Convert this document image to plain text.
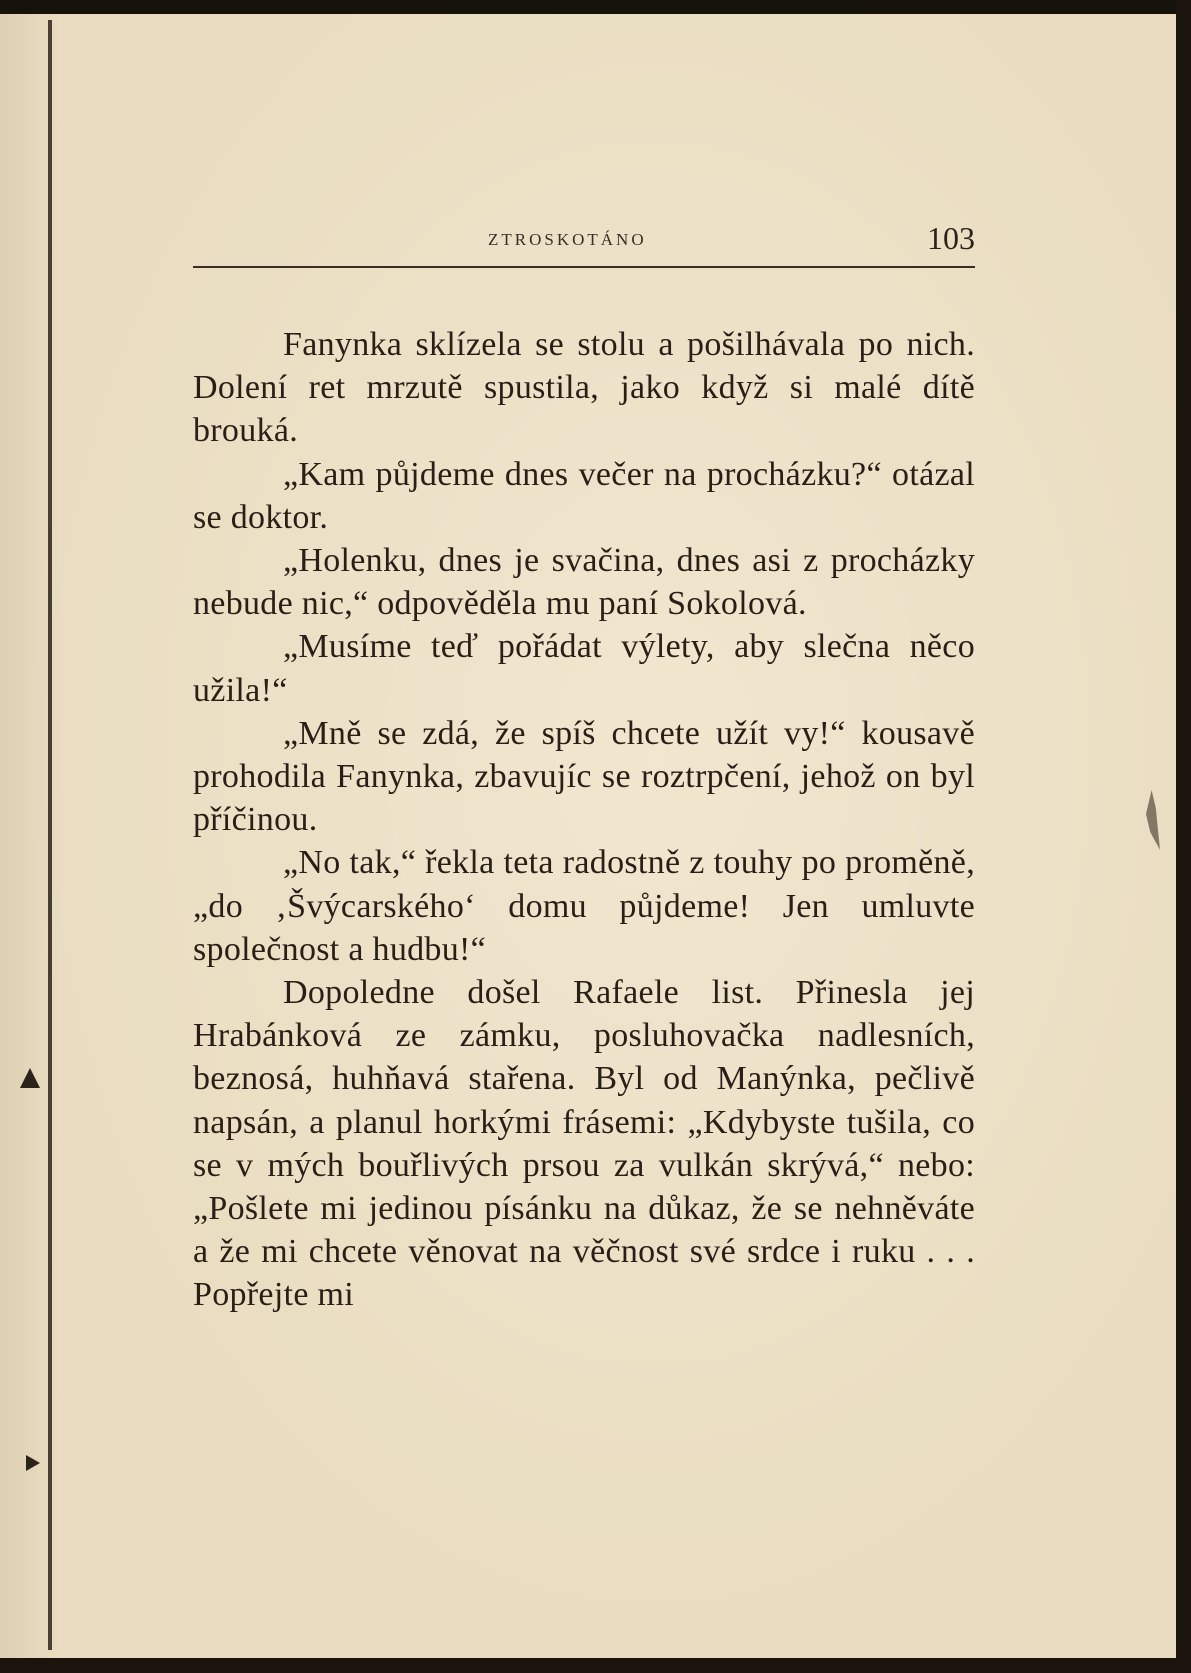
ZTROSKOTÁNO	103

Fanynka sklízela se stolu a pošilhávala po nich. Dolení ret mrzutě spustila, jako když si malé dítě brouká.

„Kam půjdeme dnes večer na procházku?“ otázal se doktor.

„Holenku, dnes je svačina, dnes asi z procházky nebude nic,“ odpověděla mu paní Sokolová.

„Musíme teď pořádat výlety, aby slečna něco užila!“

„Mně se zdá, že spíš chcete užít vy!“ kousavě prohodila Fanynka, zbavujíc se roztrpčení, jehož on byl příčinou.

„No tak,“ řekla teta radostně z touhy po proměně, „do ‚Švýcarského‘ domu půjdeme! Jen umluvte společnost a hudbu!“

Dopoledne došel Rafaele list. Přinesla jej Hrabánková ze zámku, posluhovačka nadlesních, beznosá, huhňavá stařena. Byl od Manýnka, pečlivě napsán, a planul horkými frásemi: „Kdybyste tušila, co se v mých bouřlivých prsou za vulkán skrývá,“ nebo: „Pošlete mi jedinou písánku na důkaz, že se nehněváte a že mi chcete věnovat na věčnost své srdce i ruku . . . Popřejte mi
